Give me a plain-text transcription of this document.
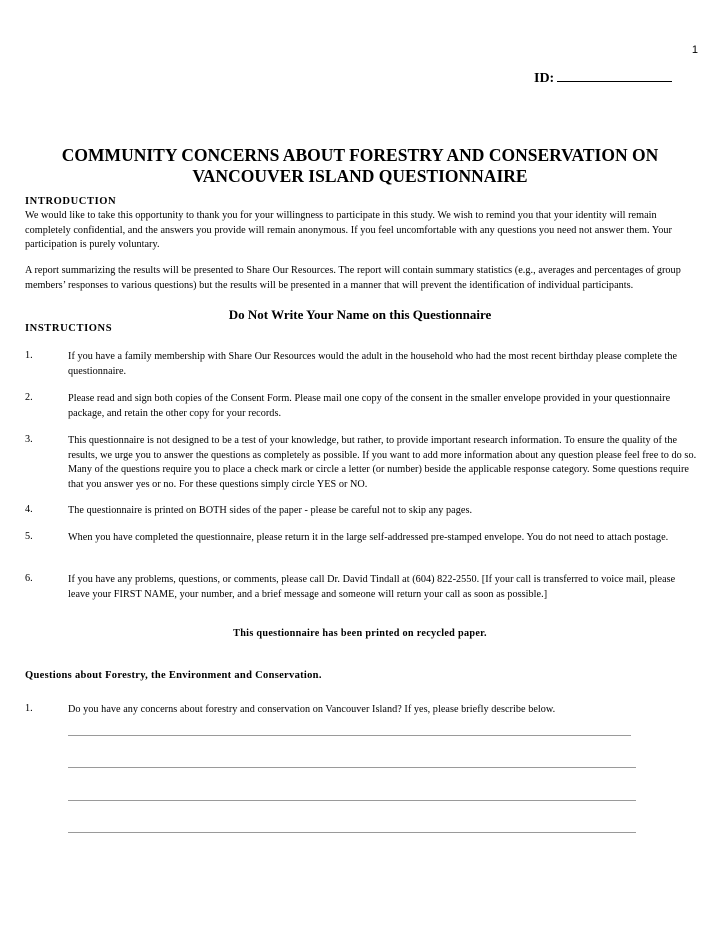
1
ID:
COMMUNITY CONCERNS ABOUT FORESTRY AND CONSERVATION ON
VANCOUVER ISLAND QUESTIONNAIRE
INTRODUCTION
We would like to take this opportunity to thank you for your willingness to participate in this study. We wish to remind you that your identity will remain completely confidential, and the answers you provide will remain anonymous. If you feel uncomfortable with any questions you need not answer them. Your participation is purely voluntary.
A report summarizing the results will be presented to Share Our Resources. The report will contain summary statistics (e.g., averages and percentages of group members’ responses to various questions) but the results will be presented in a manner that will prevent the identification of individual participants.
Do Not Write Your Name on this Questionnaire
INSTRUCTIONS
1.	If you have a family membership with Share Our Resources would the adult in the household who had the most recent birthday please complete the questionnaire.
2.	Please read and sign both copies of the Consent Form. Please mail one copy of the consent in the smaller envelope provided in your questionnaire package, and retain the other copy for your records.
3.	This questionnaire is not designed to be a test of your knowledge, but rather, to provide important research information. To ensure the quality of the results, we urge you to answer the questions as completely as possible. If you want to add more information about any question please feel free to do so. Many of the questions require you to place a check mark or circle a letter (or number) beside the applicable response category. Some questions require that you answer yes or no. For these questions simply circle YES or NO.
4.	The questionnaire is printed on BOTH sides of the paper - please be careful not to skip any pages.
5.	When you have completed the questionnaire, please return it in the large self-addressed pre-stamped envelope. You do not need to attach postage.
6.	If you have any problems, questions, or comments, please call Dr. David Tindall at (604) 822-2550. [If your call is transferred to voice mail, please leave your FIRST NAME, your number, and a brief message and someone will return your call as soon as possible.]
This questionnaire has been printed on recycled paper.
Questions about Forestry, the Environment and Conservation.
1.	Do you have any concerns about forestry and conservation on Vancouver Island? If yes, please briefly describe below.
